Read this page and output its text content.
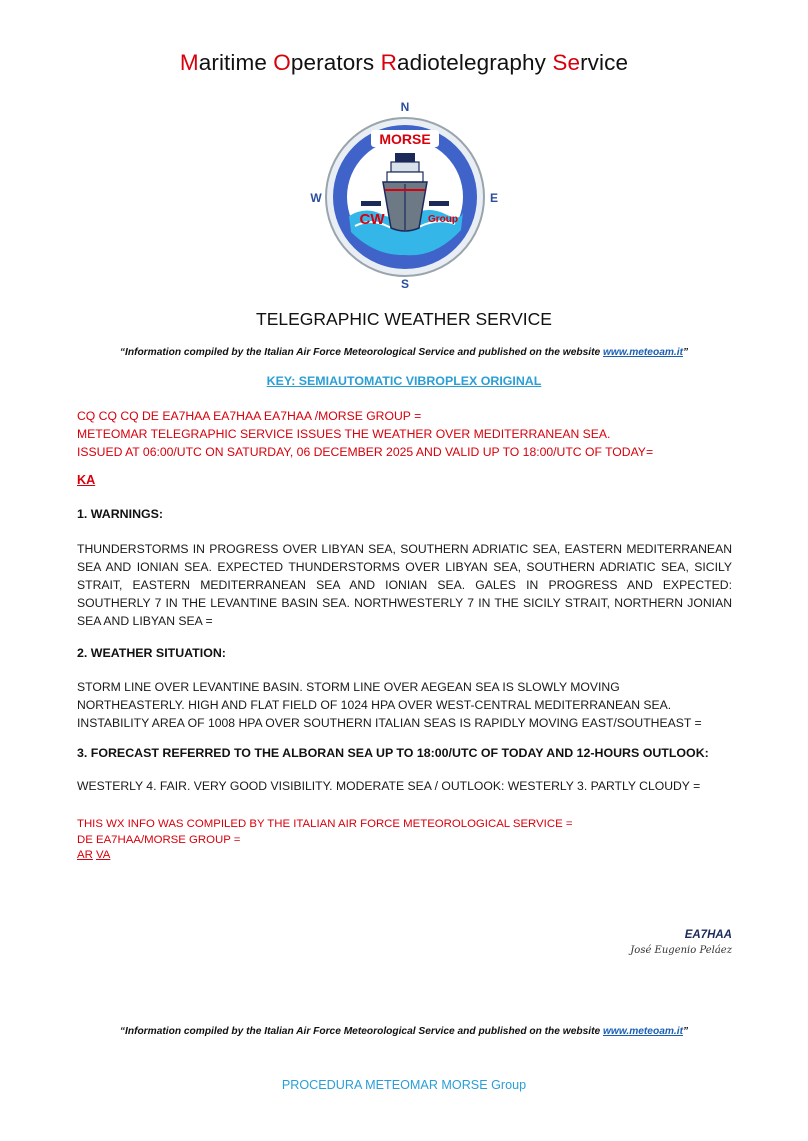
Maritime Operators Radiotelegraphy Service
N
S
W	E
MORSE
CW	Group
TELEGRAPHIC WEATHER SERVICE
“Information compiled by the Italian Air Force Meteorological Service and published on the website www.meteoam.it”
KEY: SEMIAUTOMATIC VIBROPLEX ORIGINAL
CQ CQ CQ DE EA7HAA EA7HAA EA7HAA /MORSE GROUP =
METEOMAR TELEGRAPHIC SERVICE ISSUES THE WEATHER OVER MEDITERRANEAN SEA.
ISSUED AT 06:00/UTC ON SATURDAY, 06 DECEMBER 2025 AND VALID UP TO 18:00/UTC OF TODAY=
KA
1. WARNINGS:
THUNDERSTORMS IN PROGRESS OVER LIBYAN SEA, SOUTHERN ADRIATIC SEA, EASTERN MEDITERRANEAN SEA AND IONIAN SEA. EXPECTED THUNDERSTORMS OVER LIBYAN SEA, SOUTHERN ADRIATIC SEA, SICILY STRAIT, EASTERN MEDITERRANEAN SEA AND IONIAN SEA. GALES IN PROGRESS AND EXPECTED: SOUTHERLY 7 IN THE LEVANTINE BASIN SEA. NORTHWESTERLY 7 IN THE SICILY STRAIT, NORTHERN JONIAN SEA AND LIBYAN SEA =
2. WEATHER SITUATION:
STORM LINE OVER LEVANTINE BASIN. STORM LINE OVER AEGEAN SEA IS SLOWLY MOVING
NORTHEASTERLY. HIGH AND FLAT FIELD OF 1024 HPA OVER WEST-CENTRAL MEDITERRANEAN SEA.
INSTABILITY AREA OF 1008 HPA OVER SOUTHERN ITALIAN SEAS IS RAPIDLY MOVING EAST/SOUTHEAST =
3. FORECAST REFERRED TO THE ALBORAN SEA UP TO 18:00/UTC OF TODAY AND 12-HOURS OUTLOOK:
WESTERLY 4. FAIR. VERY GOOD VISIBILITY. MODERATE SEA / OUTLOOK: WESTERLY 3. PARTLY CLOUDY =
THIS WX INFO WAS COMPILED BY THE ITALIAN AIR FORCE METEOROLOGICAL SERVICE =
DE EA7HAA/MORSE GROUP =
AR VA
EA7HAA
José Eugenio Peláez
“Information compiled by the Italian Air Force Meteorological Service and published on the website www.meteoam.it”
PROCEDURA METEOMAR MORSE Group
